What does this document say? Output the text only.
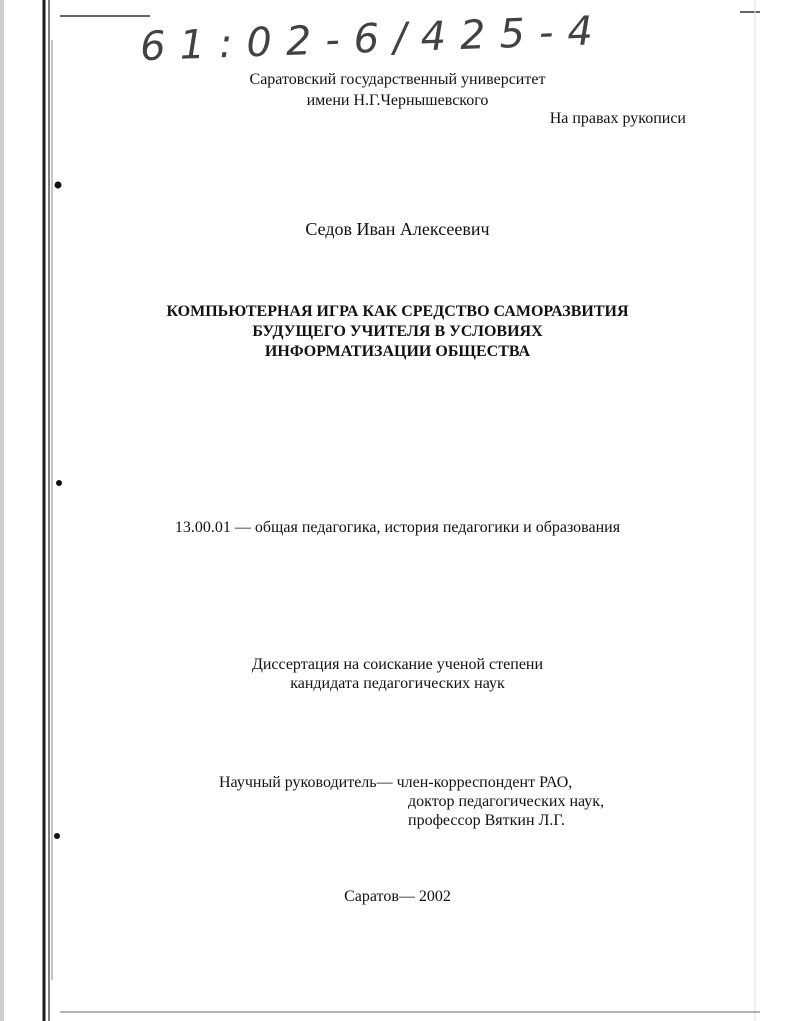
61:02-6/425-4
Саратовский государственный университет
имени Н.Г.Чернышевского
На правах рукописи
Седов Иван Алексеевич
КОМПЬЮТЕРНАЯ ИГРА КАК СРЕДСТВО САМОРАЗВИТИЯ
БУДУЩЕГО УЧИТЕЛЯ В УСЛОВИЯХ
ИНФОРМАТИЗАЦИИ ОБЩЕСТВА
13.00.01 — общая педагогика, история педагогики и образования
Диссертация на соискание ученой степени
кандидата педагогических наук
Научный руководитель— член-корреспондент РАО,
доктор педагогических наук,
профессор Вяткин Л.Г.
Саратов— 2002
